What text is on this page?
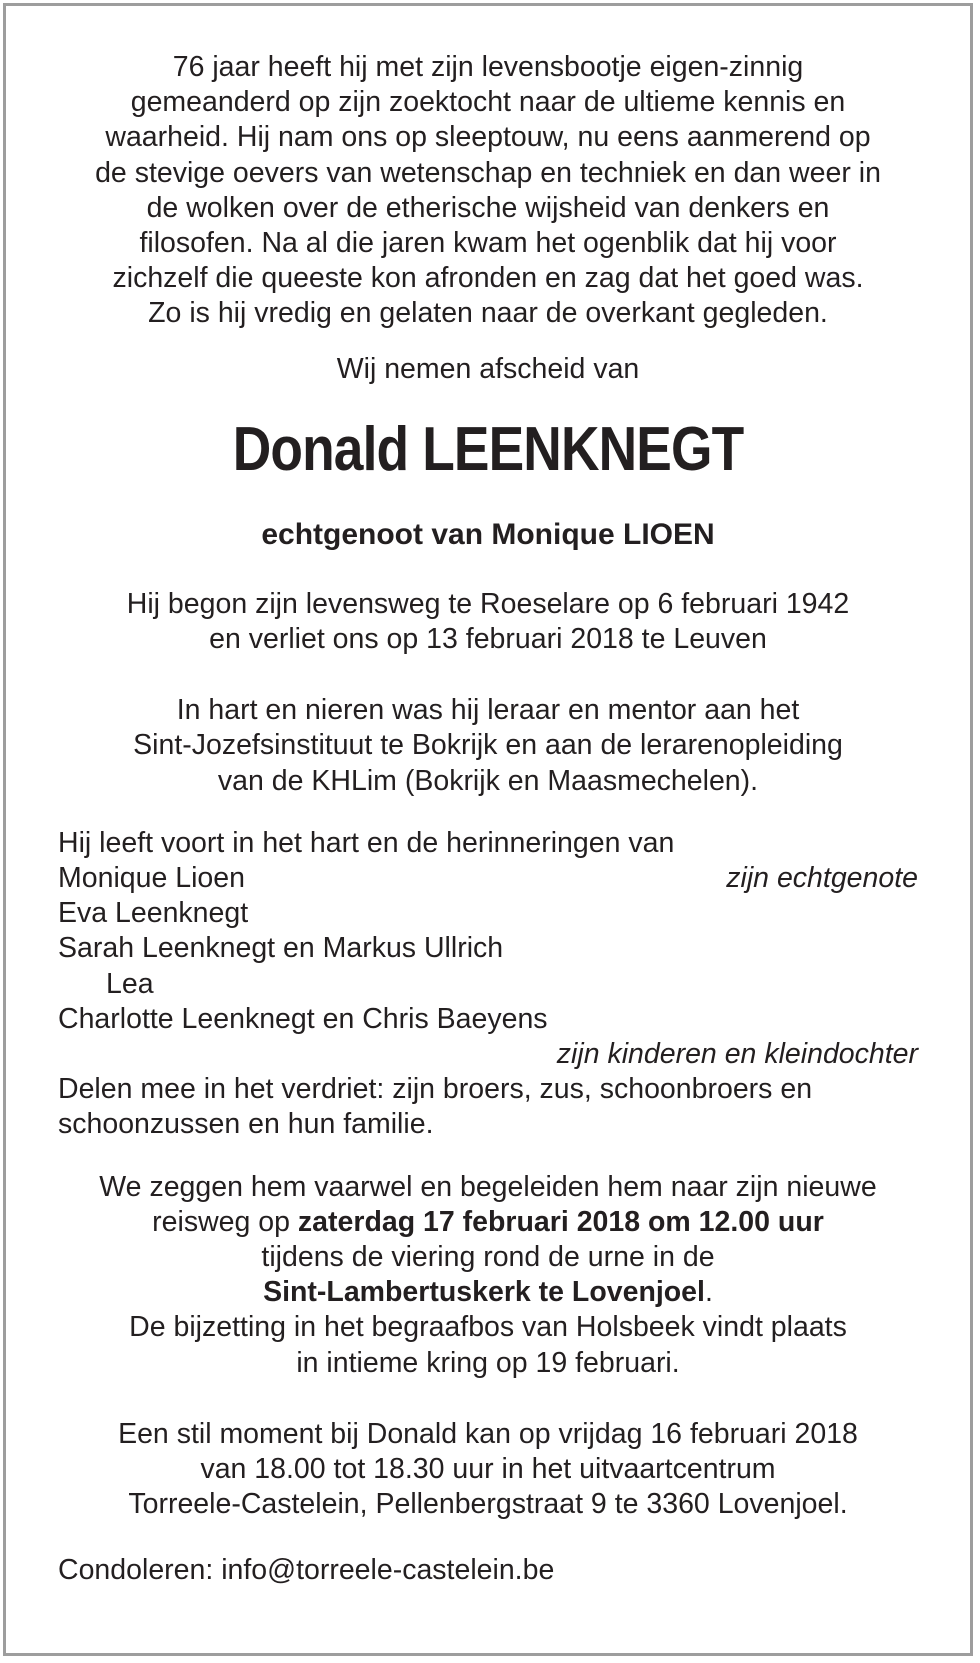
76 jaar heeft hij met zijn levensbootje eigen-zinnig
gemeanderd op zijn zoektocht naar de ultieme kennis en
waarheid. Hij nam ons op sleeptouw, nu eens aanmerend op
de stevige oevers van wetenschap en techniek en dan weer in
de wolken over de etherische wijsheid van denkers en
filosofen. Na al die jaren kwam het ogenblik dat hij voor
zichzelf die queeste kon afronden en zag dat het goed was.
Zo is hij vredig en gelaten naar de overkant gegleden.
Wij nemen afscheid van
Donald LEENKNEGT
echtgenoot van Monique LIOEN
Hij begon zijn levensweg te Roeselare op 6 februari 1942
en verliet ons op 13 februari 2018 te Leuven
In hart en nieren was hij leraar en mentor aan het
Sint-Jozefsinstituut te Bokrijk en aan de lerarenopleiding
van de KHLim (Bokrijk en Maasmechelen).
Hij leeft voort in het hart en de herinneringen van
Monique Lioen	zijn echtgenote
Eva Leenknegt
Sarah Leenknegt en Markus Ullrich
Lea
Charlotte Leenknegt en Chris Baeyens
zijn kinderen en kleindochter
Delen mee in het verdriet: zijn broers, zus, schoonbroers en
schoonzussen en hun familie.
We zeggen hem vaarwel en begeleiden hem naar zijn nieuwe
reisweg op zaterdag 17 februari 2018 om 12.00 uur
tijdens de viering rond de urne in de
Sint-Lambertuskerk te Lovenjoel.
De bijzetting in het begraafbos van Holsbeek vindt plaats
in intieme kring op 19 februari.
Een stil moment bij Donald kan op vrijdag 16 februari 2018
van 18.00 tot 18.30 uur in het uitvaartcentrum
Torreele-Castelein, Pellenbergstraat 9 te 3360 Lovenjoel.
Condoleren: info@torreele-castelein.be
